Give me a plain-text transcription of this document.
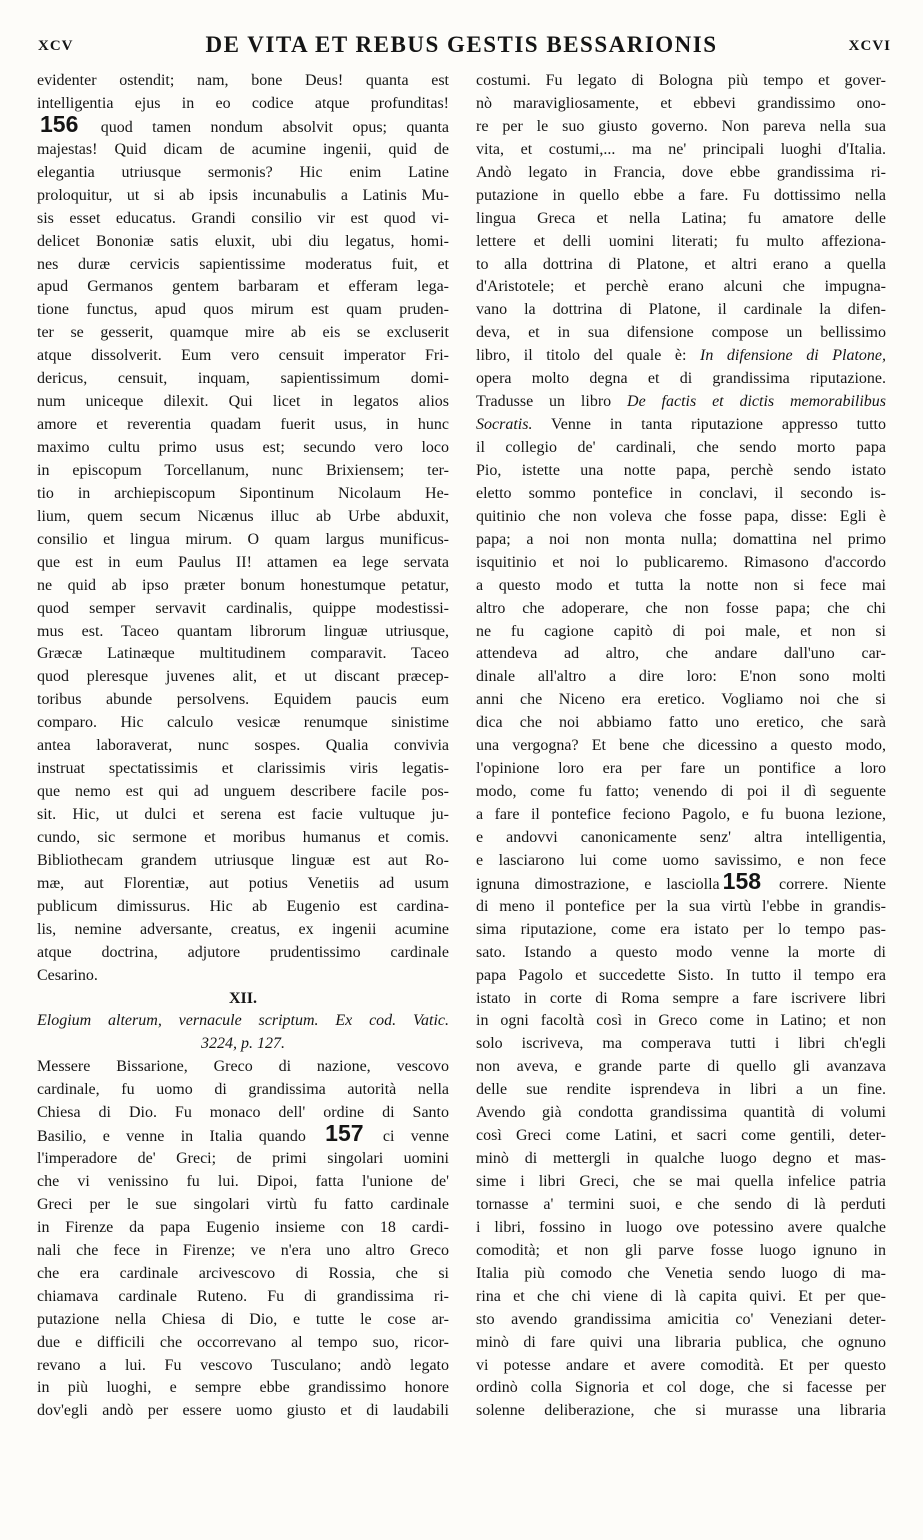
XCV	DE VITA ET REBUS GESTIS BESSARIONIS	XCVI
evidenter ostendit; nam, bone Deus! quanta est
intelligentia ejus in eo codice atque profunditas!
156 quod tamen nondum absolvit opus; quanta
majestas! Quid dicam de acumine ingenii, quid de
elegantia utriusque sermonis? Hic enim Latine
proloquitur, ut si ab ipsis incunabulis a Latinis Mu-
sis esset educatus. Grandi consilio vir est quod vi-
delicet Bononiæ satis eluxit, ubi diu legatus, homi-
nes duræ cervicis sapientissime moderatus fuit, et
apud Germanos gentem barbaram et efferam lega-
tione functus, apud quos mirum est quam pruden-
ter se gesserit, quamque mire ab eis se excluserit
atque dissolverit. Eum vero censuit imperator Fri-
dericus, censuit, inquam, sapientissimum domi-
num uniceque dilexit. Qui licet in legatos alios
amore et reverentia quadam fuerit usus, in hunc
maximo cultu primo usus est; secundo vero loco
in episcopum Torcellanum, nunc Brixiensem; ter-
tio in archiepiscopum Sipontinum Nicolaum He-
lium, quem secum Nicænus illuc ab Urbe abduxit,
consilio et lingua mirum. O quam largus munificus-
que est in eum Paulus II! attamen ea lege servata
ne quid ab ipso præter bonum honestumque petatur,
quod semper servavit cardinalis, quippe modestissi-
mus est. Taceo quantam librorum linguæ utriusque,
Græcæ Latinæque multitudinem comparavit. Taceo
quod pleresque juvenes alit, et ut discant præcep-
toribus abunde persolvens. Equidem paucis eum
comparo. Hic calculo vesicæ renumque sinistime
antea laboraverat, nunc sospes. Qualia convivia
instruat spectatissimis et clarissimis viris legatis-
que nemo est qui ad unguem describere facile pos-
sit. Hic, ut dulci et serena est facie vultuque ju-
cundo, sic sermone et moribus humanus et comis.
Bibliothecam grandem utriusque linguæ est aut Ro-
mæ, aut Florentiæ, aut potius Venetiis ad usum
publicum dimissurus. Hic ab Eugenio est cardina-
lis, nemine adversante, creatus, ex ingenii acumine
atque doctrina, adjutore prudentissimo cardinale
Cesarino.
XII.
Elogium alterum, vernacule scriptum. Ex cod. Vatic.
3224, p. 127.
Messere Bissarione, Greco di nazione, vescovo
cardinale, fu uomo di grandissima autorità nella
Chiesa di Dio. Fu monaco dell' ordine di Santo
Basilio, e venne in Italia quando 157 ci venne
l'imperadore de' Greci; de primi singolari uomini
che vi venissino fu lui. Dipoi, fatta l'unione de'
Greci per le sue singolari virtù fu fatto cardinale
in Firenze da papa Eugenio insieme con 18 cardi-
nali che fece in Firenze; ve n'era uno altro Greco
che era cardinale arcivescovo di Rossia, che si
chiamava cardinale Ruteno. Fu di grandissima ri-
putazione nella Chiesa di Dio, e tutte le cose ar-
due e difficili che occorrevano al tempo suo, ricor-
revano a lui. Fu vescovo Tusculano; andò legato
in più luoghi, e sempre ebbe grandissimo honore
dov'egli andò per essere uomo giusto et di laudabili
costumi. Fu legato di Bologna più tempo et gover-
nò maravigliosamente, et ebbevi grandissimo ono-
re per le suo giusto governo. Non pareva nella sua
vita, et costumi,... ma ne' principali luoghi d'Italia.
Andò legato in Francia, dove ebbe grandissima ri-
putazione in quello ebbe a fare. Fu dottissimo nella
lingua Greca et nella Latina; fu amatore delle
lettere et delli uomini literati; fu multo affeziona-
to alla dottrina di Platone, et altri erano a quella
d'Aristotele; et perchè erano alcuni che impugna-
vano la dottrina di Platone, il cardinale la difen-
deva, et in sua difensione compose un bellissimo
libro, il titolo del quale è: In difensione di Platone,
opera molto degna et di grandissima riputazione.
Tradusse un libro De factis et dictis memorabilibus
Socratis. Venne in tanta riputazione appresso tutto
il collegio de' cardinali, che sendo morto papa
Pio, istette una notte papa, perchè sendo istato
eletto sommo pontefice in conclavi, il secondo is-
quitinio che non voleva che fosse papa, disse: Egli è
papa; a noi non monta nulla; domattina nel primo
isquitinio et noi lo publicaremo. Rimasono d'accordo
a questo modo et tutta la notte non si fece mai
altro che adoperare, che non fosse papa; che chi
ne fu cagione capitò di poi male, et non si
attendeva ad altro, che andare dall'uno car-
dinale all'altro a dire loro: E'non sono molti
anni che Niceno era eretico. Vogliamo noi che si
dica che noi abbiamo fatto uno eretico, che sarà
una vergogna? Et bene che dicessino a questo modo,
l'opinione loro era per fare un pontifice a loro
modo, come fu fatto; venendo di poi il dì seguente
a fare il pontefice feciono Pagolo, e fu buona lezione,
e andovvi canonicamente senz' altra intelligentia,
e lasciarono lui come uomo savissimo, e non fece
ignuna dimostrazione, e lasciolla 158 correre. Niente
di meno il pontefice per la sua virtù l'ebbe in grandis-
sima riputazione, come era istato per lo tempo pas-
sato. Istando a questo modo venne la morte di
papa Pagolo et succedette Sisto. In tutto il tempo era
istato in corte di Roma sempre a fare iscrivere libri
in ogni facoltà così in Greco come in Latino; et non
solo iscriveva, ma comperava tutti i libri ch'egli
non aveva, e grande parte di quello gli avanzava
delle sue rendite isprendeva in libri a un fine.
Avendo già condotta grandissima quantità di volumi
così Greci come Latini, et sacri come gentili, deter-
minò di mettergli in qualche luogo degno et mas-
sime i libri Greci, che se mai quella infelice patria
tornasse a' termini suoi, e che sendo di là perduti
i libri, fossino in luogo ove potessino avere qualche
comodità; et non gli parve fosse luogo ignuno in
Italia più comodo che Venetia sendo luogo di ma-
rina et che chi viene di là capita quivi. Et per que-
sto avendo grandissima amicitia co' Veneziani deter-
minò di fare quivi una libraria publica, che ognuno
vi potesse andare et avere comodità. Et per questo
ordinò colla Signoria et col doge, che si facesse per
solenne deliberazione, che si murasse una libraria
